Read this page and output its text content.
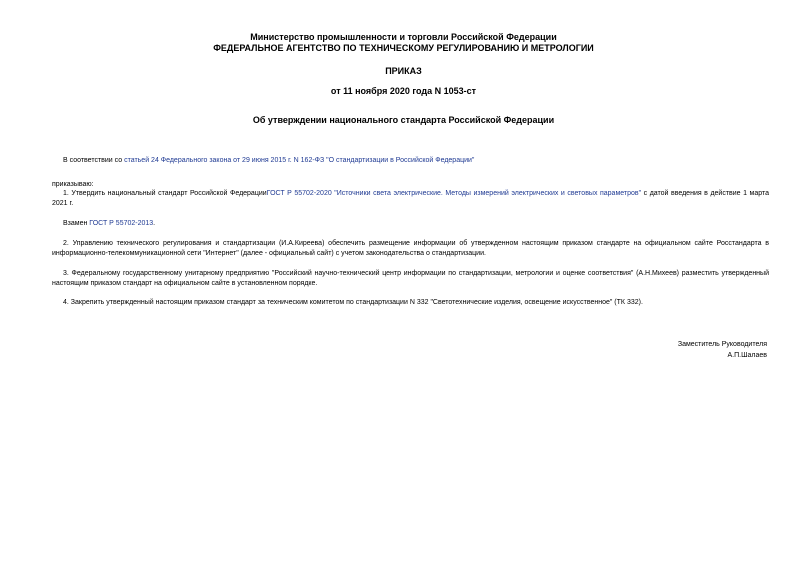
Министерство промышленности и торговли Российской Федерации
ФЕДЕРАЛЬНОЕ АГЕНТСТВО ПО ТЕХНИЧЕСКОМУ РЕГУЛИРОВАНИЮ И МЕТРОЛОГИИ
ПРИКАЗ
от 11 ноября 2020 года N 1053-ст
Об утверждении национального стандарта Российской Федерации
В соответствии со статьей 24 Федерального закона от 29 июня 2015 г. N 162-ФЗ "О стандартизации в Российской Федерации"
приказываю:
1. Утвердить национальный стандарт Российской ФедерацииГОСТ Р 55702-2020 "Источники света электрические. Методы измерений электрических и световых параметров" с датой введения в действие 1 марта 2021 г.
Взамен ГОСТ Р 55702-2013.
2. Управлению технического регулирования и стандартизации (И.А.Киреева) обеспечить размещение информации об утвержденном настоящим приказом стандарте на официальном сайте Росстандарта в информационно-телекоммуникационной сети "Интернет" (далее - официальный сайт) с учетом законодательства о стандартизации.
3. Федеральному государственному унитарному предприятию "Российский научно-технический центр информации по стандартизации, метрологии и оценке соответствия" (А.Н.Михеев) разместить утвержденный настоящим приказом стандарт на официальном сайте в установленном порядке.
4. Закрепить утвержденный настоящим приказом стандарт за техническим комитетом по стандартизации N 332 "Светотехнические изделия, освещение искусственное" (ТК 332).
Заместитель Руководителя
А.П.Шалаев
